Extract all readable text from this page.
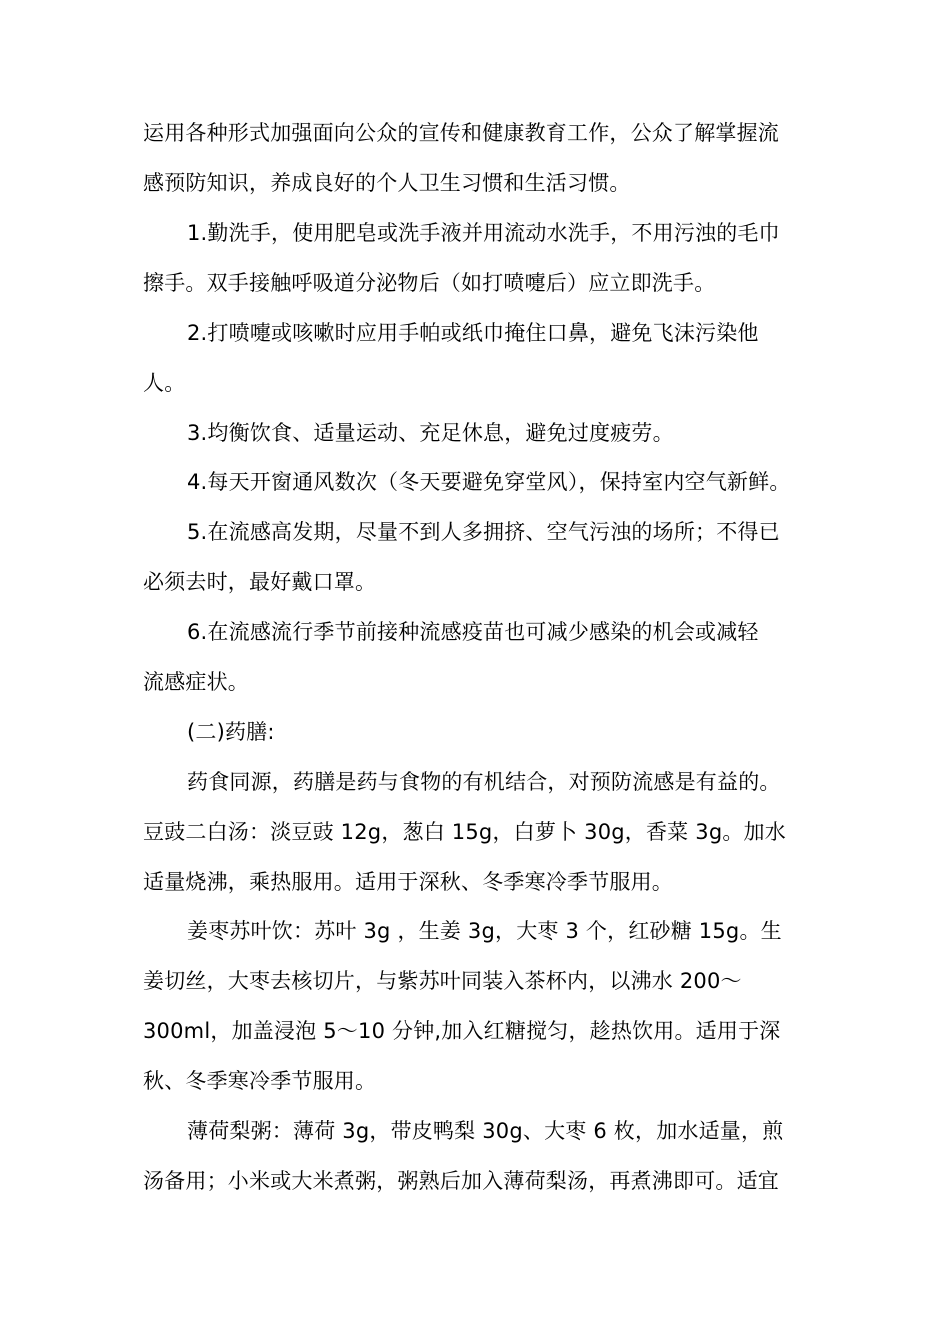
运用各种形式加强面向公众的宣传和健康教育工作，公众了解掌握流
感预防知识，养成良好的个人卫生习惯和生活习惯。
1.勤洗手，使用肥皂或洗手液并用流动水洗手，不用污浊的毛巾
擦手。双手接触呼吸道分泌物后（如打喷嚏后）应立即洗手。
2.打喷嚏或咳嗽时应用手帕或纸巾掩住口鼻，避免飞沫污染他
人。
3.均衡饮食、适量运动、充足休息，避免过度疲劳。
4.每天开窗通风数次（冬天要避免穿堂风），保持室内空气新鲜。
5.在流感高发期，尽量不到人多拥挤、空气污浊的场所；不得已
必须去时，最好戴口罩。
6.在流感流行季节前接种流感疫苗也可减少感染的机会或减轻
流感症状。
(二)药膳:
药食同源，药膳是药与食物的有机结合，对预防流感是有益的。
豆豉二白汤：淡豆豉 12g，葱白 15g，白萝卜 30g，香菜 3g。加水
适量烧沸，乘热服用。适用于深秋、冬季寒冷季节服用。
姜枣苏叶饮：苏叶 3g ，生姜 3g，大枣 3 个，红砂糖 15g。生
姜切丝，大枣去核切片，与紫苏叶同装入茶杯内，以沸水 200～
300ml，加盖浸泡 5～10 分钟,加入红糖搅匀，趁热饮用。适用于深
秋、冬季寒冷季节服用。
薄荷梨粥：薄荷 3g，带皮鸭梨 30g、大枣 6 枚，加水适量，煎
汤备用；小米或大米煮粥，粥熟后加入薄荷梨汤，再煮沸即可。适宜
